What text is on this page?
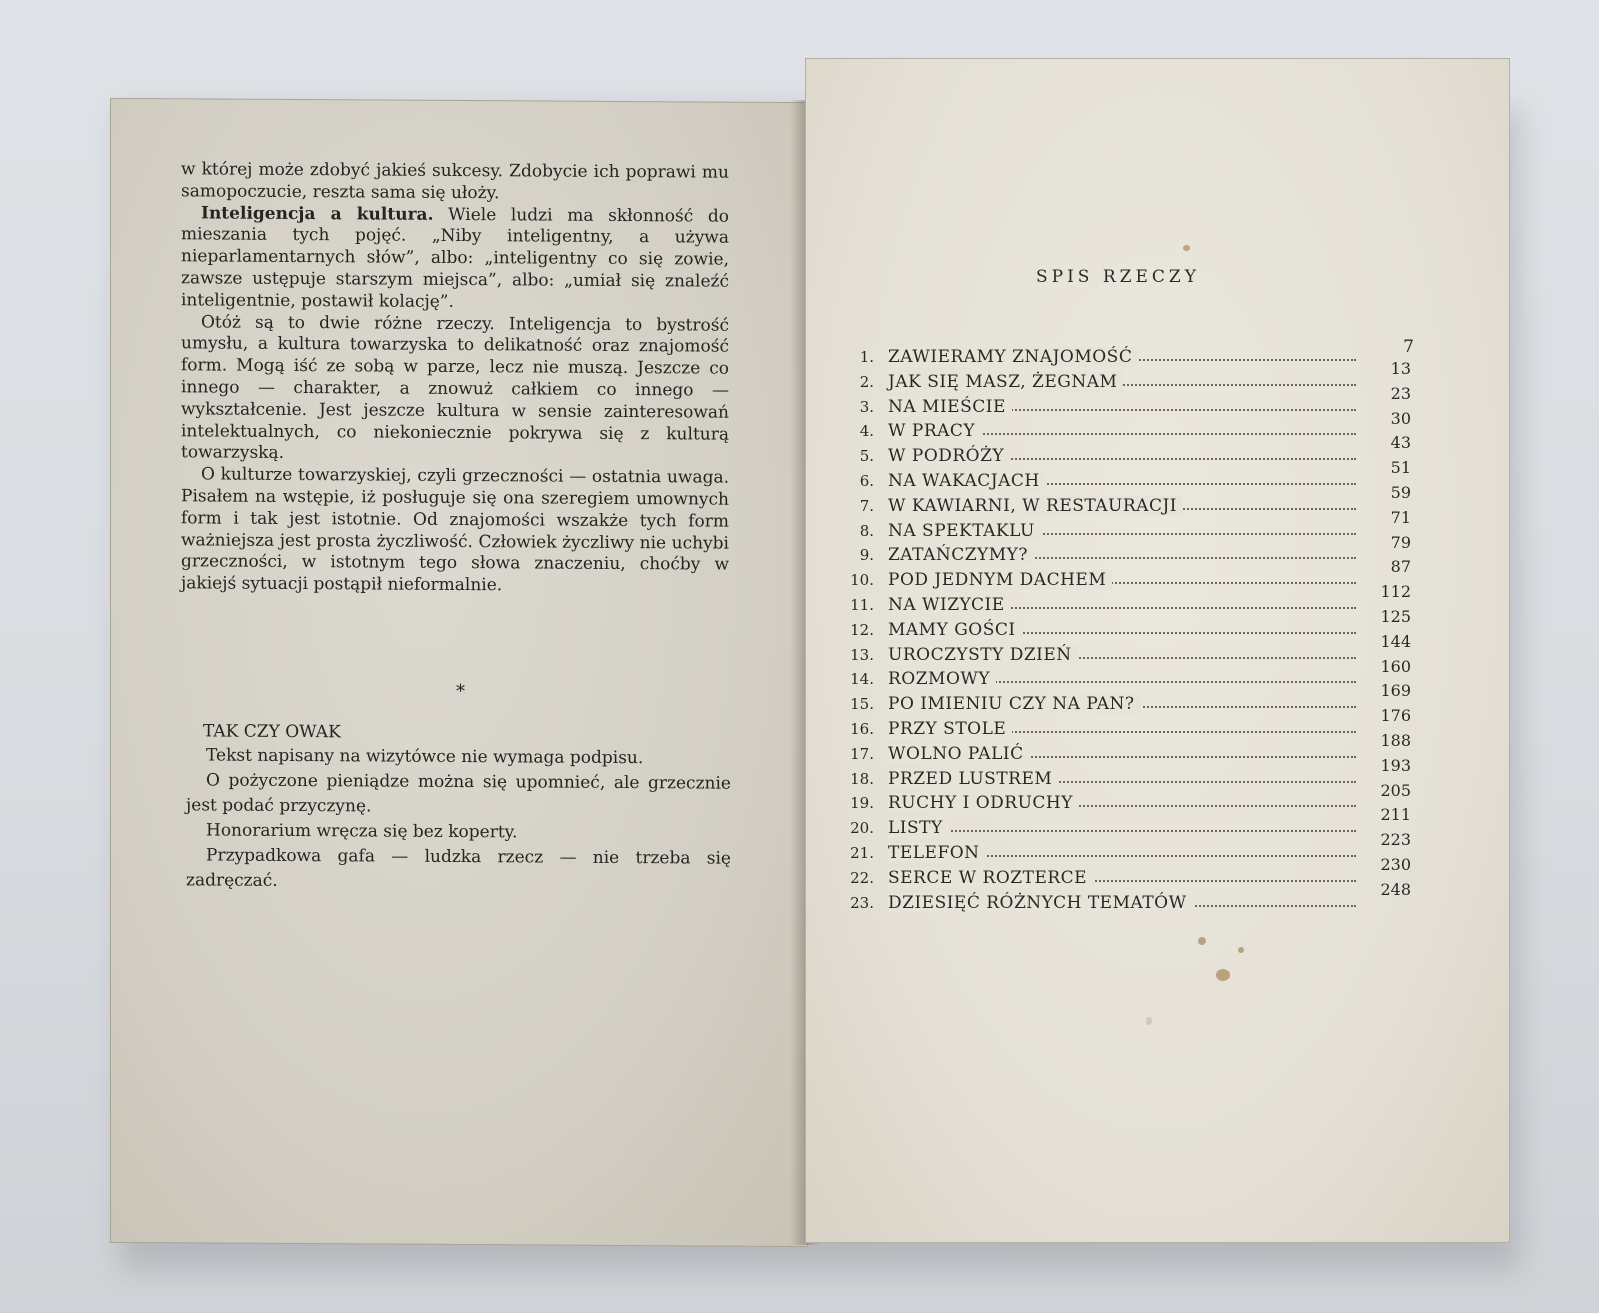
w której może zdobyć jakieś sukcesy. Zdobycie ich poprawi mu samopoczucie, reszta sama się ułoży.

Inteligencja a kultura. Wiele ludzi ma skłonność do mieszania tych pojęć. „Niby inteligentny, a używa nieparlamentarnych słów”, albo: „inteligentny co się zowie, zawsze ustępuje starszym miejsca”, albo: „umiał się znaleźć inteligentnie, postawił kolację”.

Otóż są to dwie różne rzeczy. Inteligencja to bystrość umysłu, a kultura towarzyska to delikatność oraz znajomość form. Mogą iść ze sobą w parze, lecz nie muszą. Jeszcze co innego — charakter, a znowuż całkiem co innego — wykształcenie. Jest jeszcze kultura w sensie zainteresowań intelektualnych, co niekoniecznie pokrywa się z kulturą towarzyską.

O kulturze towarzyskiej, czyli grzeczności — ostatnia uwaga. Pisałem na wstępie, iż posługuje się ona szeregiem umownych form i tak jest istotnie. Od znajomości wszakże tych form ważniejsza jest prosta życzliwość. Człowiek życzliwy nie uchybi grzeczności, w istotnym tego słowa znaczeniu, choćby w jakiejś sytuacji postąpił nieformalnie.

*
TAK CZY OWAK

Tekst napisany na wizytówce nie wymaga podpisu.

O pożyczone pieniądze można się upomnieć, ale grzecznie jest podać przyczynę.

Honorarium wręcza się bez koperty.

Przypadkowa gafa — ludzka rzecz — nie trzeba się zadręczać.

SPIS RZECZY
7
1. ZAWIERAMY ZNAJOMOŚĆ
13
2. JAK SIĘ MASZ, ŻEGNAM
23
3. NA MIEŚCIE
30
4. W PRACY
43
5. W PODRÓŻY
51
6. NA WAKACJACH
59
7. W KAWIARNI, W RESTAURACJI
71
8. NA SPEKTAKLU
79
9. ZATAŃCZYMY?
87
10. POD JEDNYM DACHEM
112
11. NA WIZYCIE
125
12. MAMY GOŚCI
144
13. UROCZYSTY DZIEŃ
160
14. ROZMOWY
169
15. PO IMIENIU CZY NA PAN?
176
16. PRZY STOLE
188
17. WOLNO PALIĆ
193
18. PRZED LUSTREM
205
19. RUCHY I ODRUCHY
211
20. LISTY
223
21. TELEFON
230
22. SERCE W ROZTERCE
248
23. DZIESIĘĆ RÓŻNYCH TEMATÓW
